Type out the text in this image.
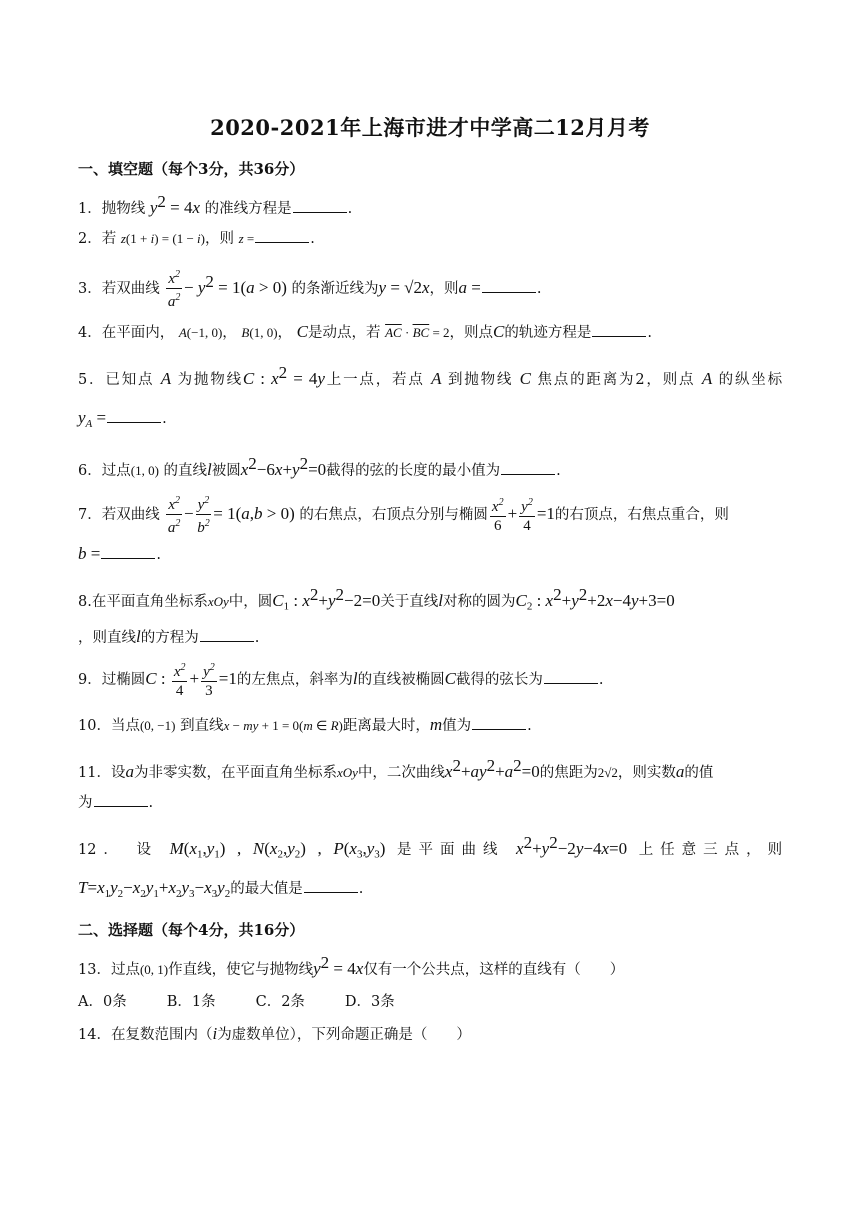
2020-2021年上海市进才中学高二12月月考
一、填空题（每个3分，共36分）

1．抛物线 $y^2 = 4x$ 的准线方程是	.

2．若 z(1 + i) = (1 − i)，则 z =	.

3．若双曲线 $\frac{x^2}{a^2} - y^2 = 1(a > 0)$ 的条渐近线为y = √2x，则a =	.

4．在平面内， A(−1, 0)， B(1, 0)， C是动点，若 $\overline{AC} \cdot \overline{BC} = 2$，则点C的轨迹方程是	.

5．已知点 A 为抛物线C : $x^2 = 4y$上一点，若点 A 到抛物线 C 焦点的距离为2，则点 A 的纵坐标

$y_A$ =	.

6．过点(1, 0) 的直线l被圆$x^2-6x+y^2=0$截得的弦的长度的最小值为	.

7．若双曲线 $\frac{x^2}{a^2} - \frac{y^2}{b^2} = 1(a,b > 0)$ 的右焦点，右顶点分别与椭圆 $\frac{x^2}{6} + \frac{y^2}{4} =1$的右顶点，右焦点重合，则

b =	.

8.在平面直角坐标系xOy中，圆$C_1$ : $x^2+y^2-2=0$关于直线l对称的圆为$C_2$ : $x^2+y^2+2x-4y+3=0$

，则直线l的方程为	.

9．过椭圆C : $\frac{x^2}{4} + \frac{y^2}{3} =1$的左焦点，斜率为l的直线被椭圆C截得的弦长为	.

10．当点(0, −1) 到直线x − my + 1 = 0(m ∈ R)距离最大时，m值为	.

11．设a为非零实数，在平面直角坐标系xOy中，二次曲线$x^2+ay^2+a^2=0$的焦距为2√2，则实数a的值

为	.

12． 设 $M(x_1,y_1)$ , $N(x_2,y_2)$ , $P(x_3,y_3)$ 是平面曲线 $x^2+y^2-2y-4x=0$ 上任意三点，则

$T=x_1y_2-x_2y_1+x_2y_3-x_3y_2$的最大值是	.

二、选择题（每个4分，共16分）

13．过点(0, 1)作直线，使它与抛物线$y^2 = 4x$仅有一个公共点，这样的直线有（　　）

A．0条	B．1条	C．2条	D．3条

14．在复数范围内（i为虚数单位），下列命题正确是（　　）
